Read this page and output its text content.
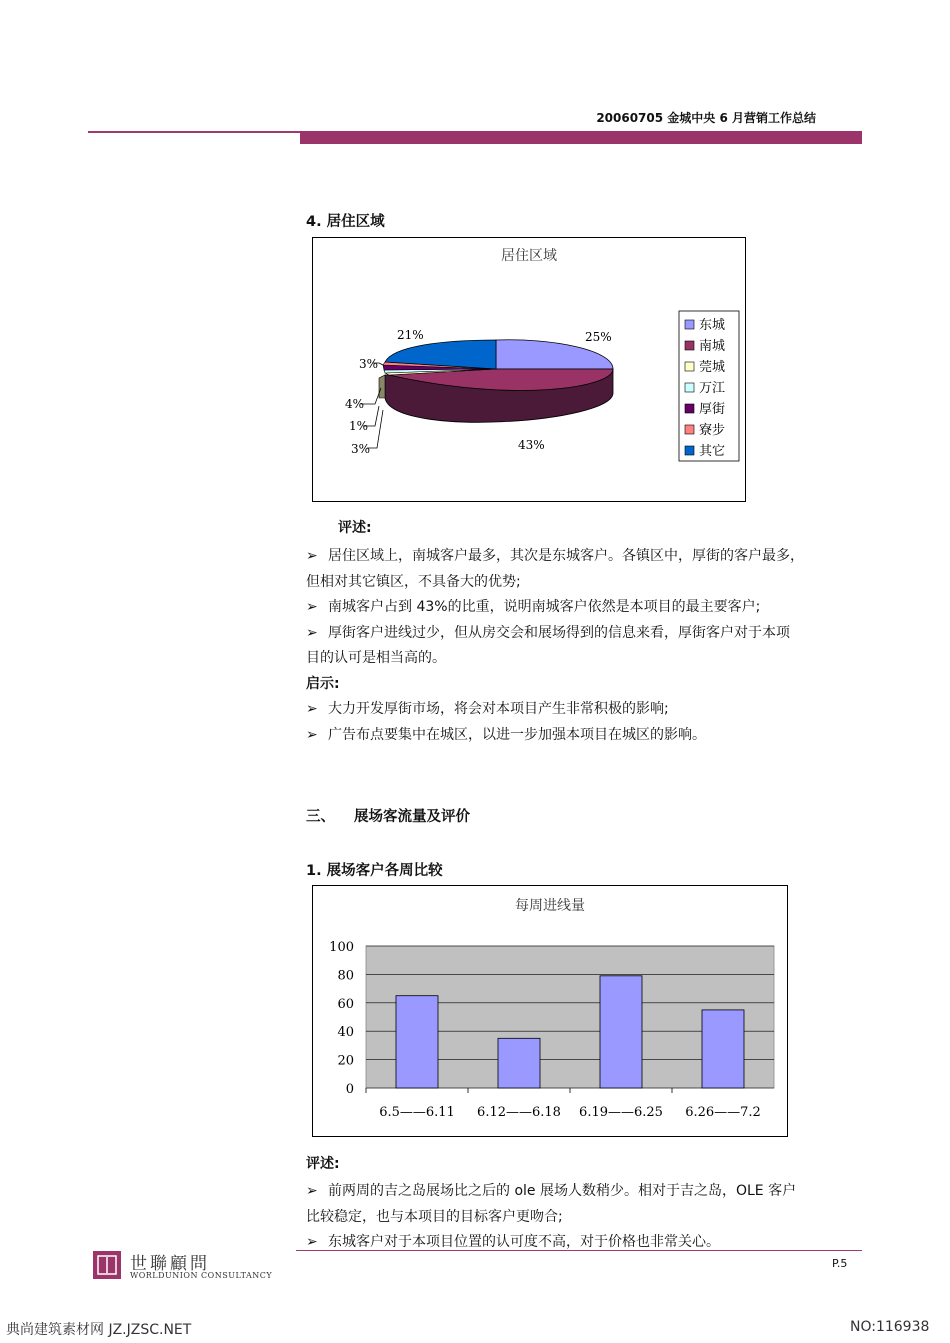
20060705 金城中央 6 月营销工作总结
4. 居住区域
居住区域
25%
43%
21%
3%
4%
1%
3%
东城
南城
莞城
万江
厚街
寮步
其它
评述:

➢ 居住区域上，南城客户最多，其次是东城客户。各镇区中，厚街的客户最多，

但相对其它镇区，不具备大的优势;

➢ 南城客户占到 43%的比重，说明南城客户依然是本项目的最主要客户;

➢ 厚街客户进线过少，但从房交会和展场得到的信息来看，厚街客户对于本项

目的认可是相当高的。

启示:

➢ 大力开发厚街市场，将会对本项目产生非常积极的影响;

➢ 广告布点要集中在城区，以进一步加强本项目在城区的影响。

三、 展场客流量及评价
1. 展场客户各周比较
每周进线量
100
80
60
40
20
0
6.5——6.11 6.12——6.18 6.19——6.25 6.26——7.2
评述:

➢ 前两周的吉之岛展场比之后的 ole 展场人数稍少。相对于吉之岛，OLE 客户

比较稳定，也与本项目的目标客户更吻合;

➢ 东城客户对于本项目位置的认可度不高，对于价格也非常关心。

世聯顧問
WORLDUNION CONSULTANCY
P.5
典尚建筑素材网 JZ.JZSC.NET	NO:116938
